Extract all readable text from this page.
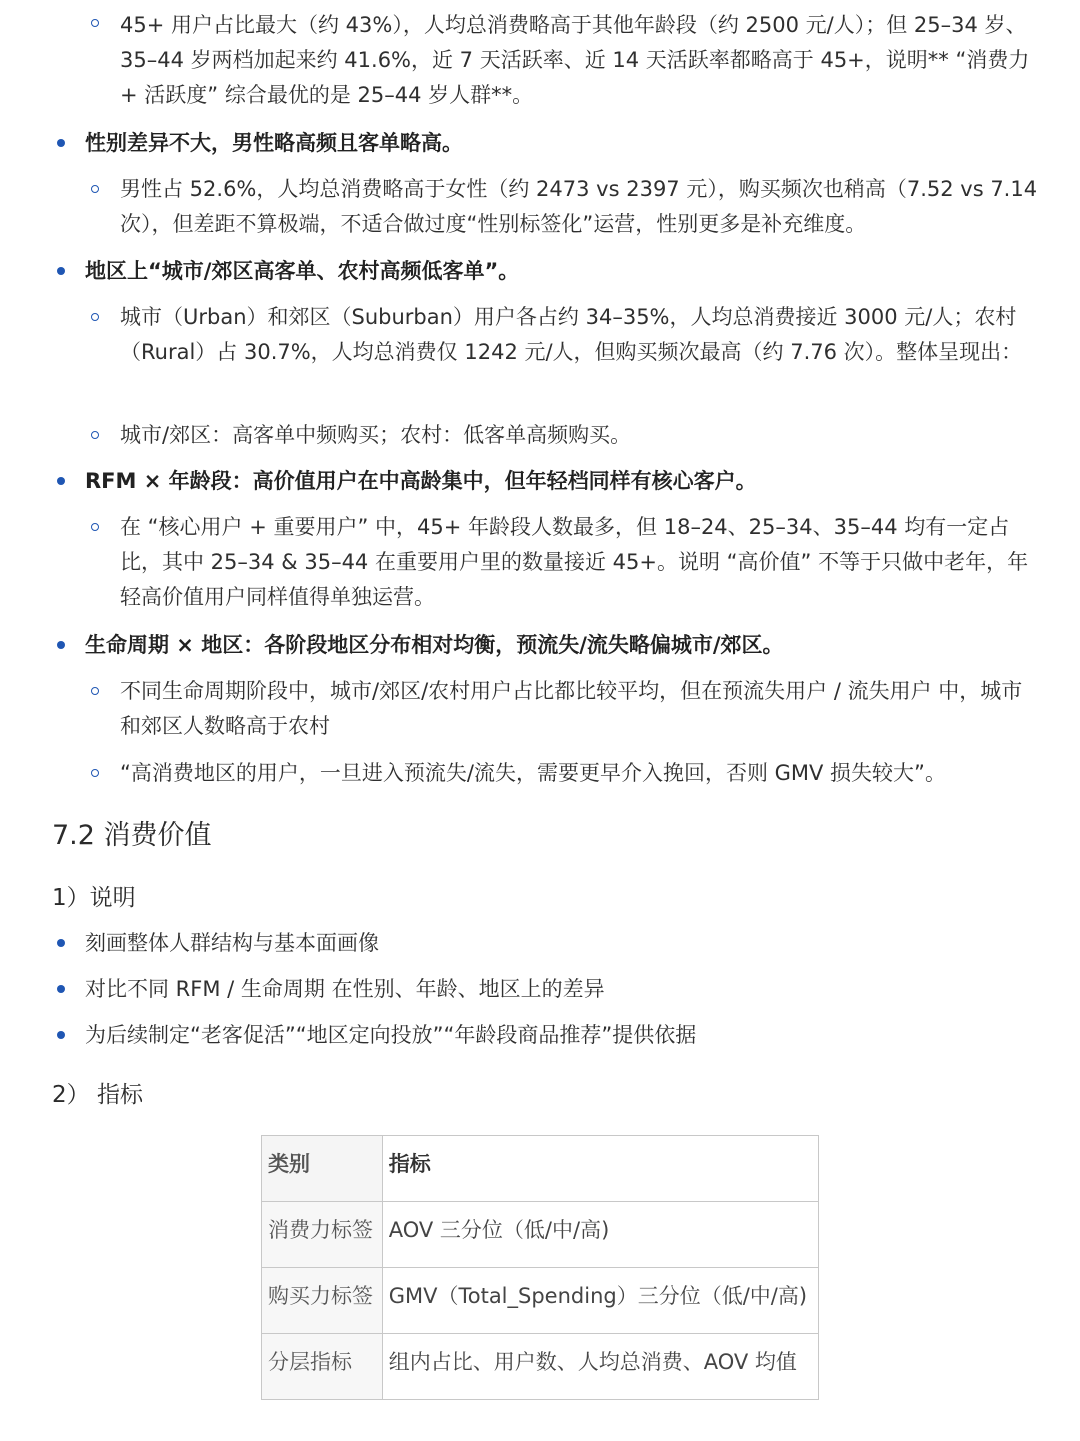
45+ 用户占比最大（约 43%），人均总消费略高于其他年龄段（约 2500 元/人）；但 25–34 岁、35–44 岁两档加起来约 41.6%，近 7 天活跃率、近 14 天活跃率都略高于 45+，说明** “消费力 + 活跃度” 综合最优的是 25–44 岁人群**。
性别差异不大，男性略高频且客单略高。
男性占 52.6%，人均总消费略高于女性（约 2473 vs 2397 元），购买频次也稍高（7.52 vs 7.14 次），但差距不算极端，不适合做过度“性别标签化”运营，性别更多是补充维度。
地区上“城市/郊区高客单、农村高频低客单”。
城市（Urban）和郊区（Suburban）用户各占约 34–35%，人均总消费接近 3000 元/人；农村（Rural）占 30.7%，人均总消费仅 1242 元/人，但购买频次最高（约 7.76 次）。整体呈现出：
城市/郊区：高客单中频购买；农村：低客单高频购买。
RFM × 年龄段：高价值用户在中高龄集中，但年轻档同样有核心客户。
在 “核心用户 + 重要用户” 中，45+ 年龄段人数最多，但 18–24、25–34、35–44 均有一定占比，其中 25–34 & 35–44 在重要用户里的数量接近 45+。说明 “高价值” 不等于只做中老年，年轻高价值用户同样值得单独运营。
生命周期 × 地区：各阶段地区分布相对均衡，预流失/流失略偏城市/郊区。
不同生命周期阶段中，城市/郊区/农村用户占比都比较平均，但在预流失用户 / 流失用户 中，城市和郊区人数略高于农村
“高消费地区的用户，一旦进入预流失/流失，需要更早介入挽回，否则 GMV 损失较大”。
7.2 消费价值
1）说明
刻画整体人群结构与基本面画像
对比不同 RFM / 生命周期 在性别、年龄、地区上的差异
为后续制定“老客促活”“地区定向投放”“年龄段商品推荐”提供依据
2） 指标
类别	指标
消费力标签	AOV 三分位（低/中/高)
购买力标签	GMV（Total_Spending）三分位（低/中/高)
分层指标	组内占比、用户数、人均总消费、AOV 均值
